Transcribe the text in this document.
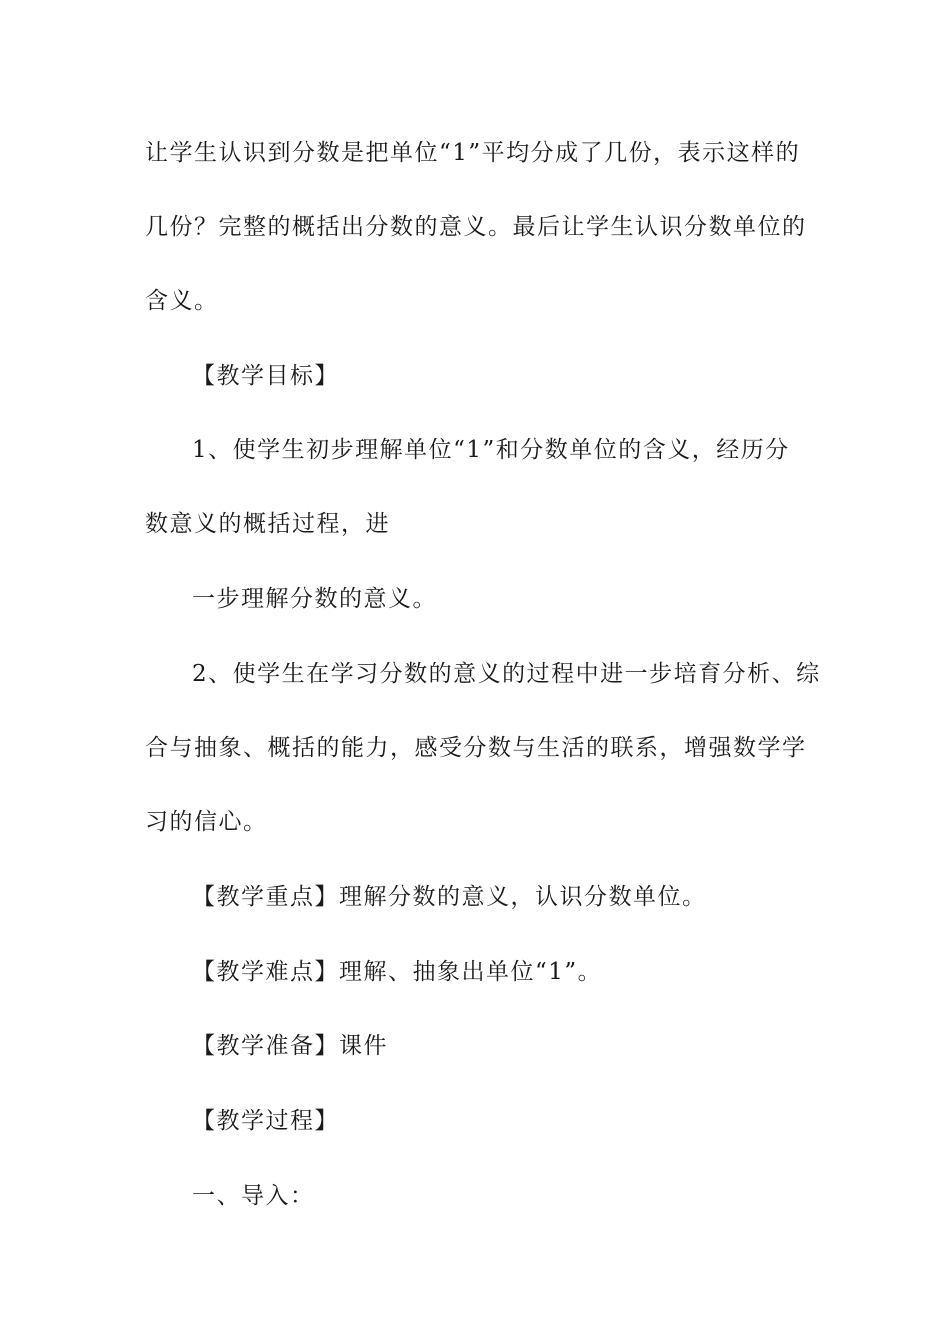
让学生认识到分数是把单位“1”平均分成了几份，表示这样的
几份？完整的概括出分数的意义。最后让学生认识分数单位的
含义。
【教学目标】
1、使学生初步理解单位“1”和分数单位的含义，经历分
数意义的概括过程，进
一步理解分数的意义。
2、使学生在学习分数的意义的过程中进一步培育分析、综
合与抽象、概括的能力，感受分数与生活的联系，增强数学学
习的信心。
【教学重点】理解分数的意义，认识分数单位。
【教学难点】理解、抽象出单位“1”。
【教学准备】课件
【教学过程】
一、导入：
